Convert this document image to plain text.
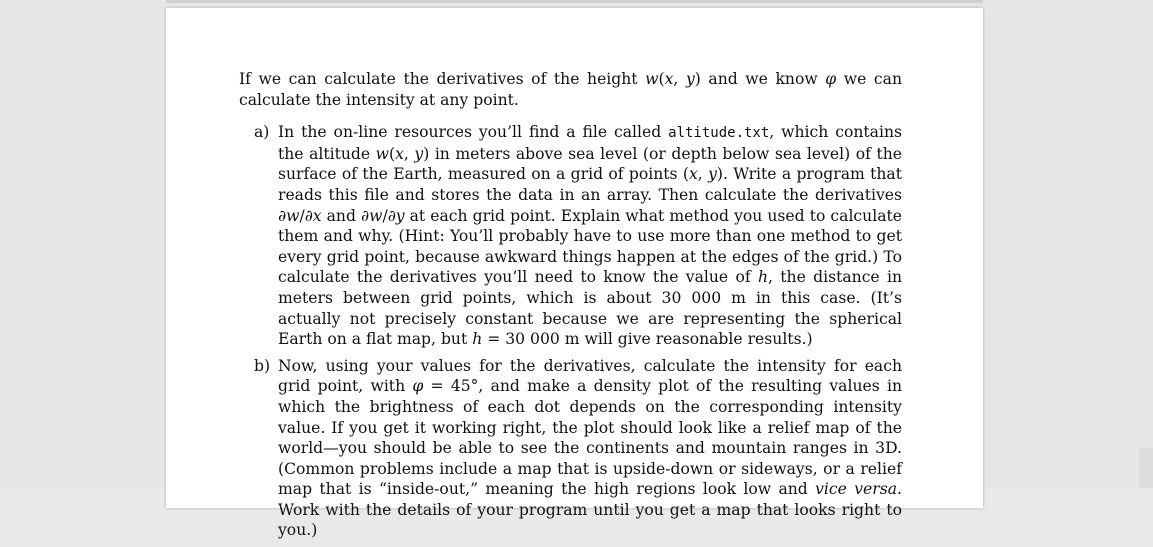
If we can calculate the derivatives of the height w(x, y) and we know φ we can calculate the intensity at any point.

a) In the on-line resources you’ll find a file called altitude.txt, which contains the altitude w(x, y) in meters above sea level (or depth below sea level) of the surface of the Earth, measured on a grid of points (x, y). Write a program that reads this file and stores the data in an array. Then calculate the derivatives ∂w/∂x and ∂w/∂y at each grid point. Explain what method you used to calculate them and why. (Hint: You’ll probably have to use more than one method to get every grid point, because awkward things happen at the edges of the grid.) To calculate the derivatives you’ll need to know the value of h, the distance in meters between grid points, which is about 30 000 m in this case. (It’s actually not precisely constant because we are representing the spherical Earth on a flat map, but h = 30 000 m will give reasonable results.)
b) Now, using your values for the derivatives, calculate the intensity for each grid point, with φ = 45°, and make a density plot of the resulting values in which the brightness of each dot depends on the corresponding intensity value. If you get it working right, the plot should look like a relief map of the world—you should be able to see the continents and mountain ranges in 3D. (Common problems include a map that is upside-down or sideways, or a relief map that is “inside-out,” meaning the high regions look low and vice versa. Work with the details of your program until you get a map that looks right to you.)
